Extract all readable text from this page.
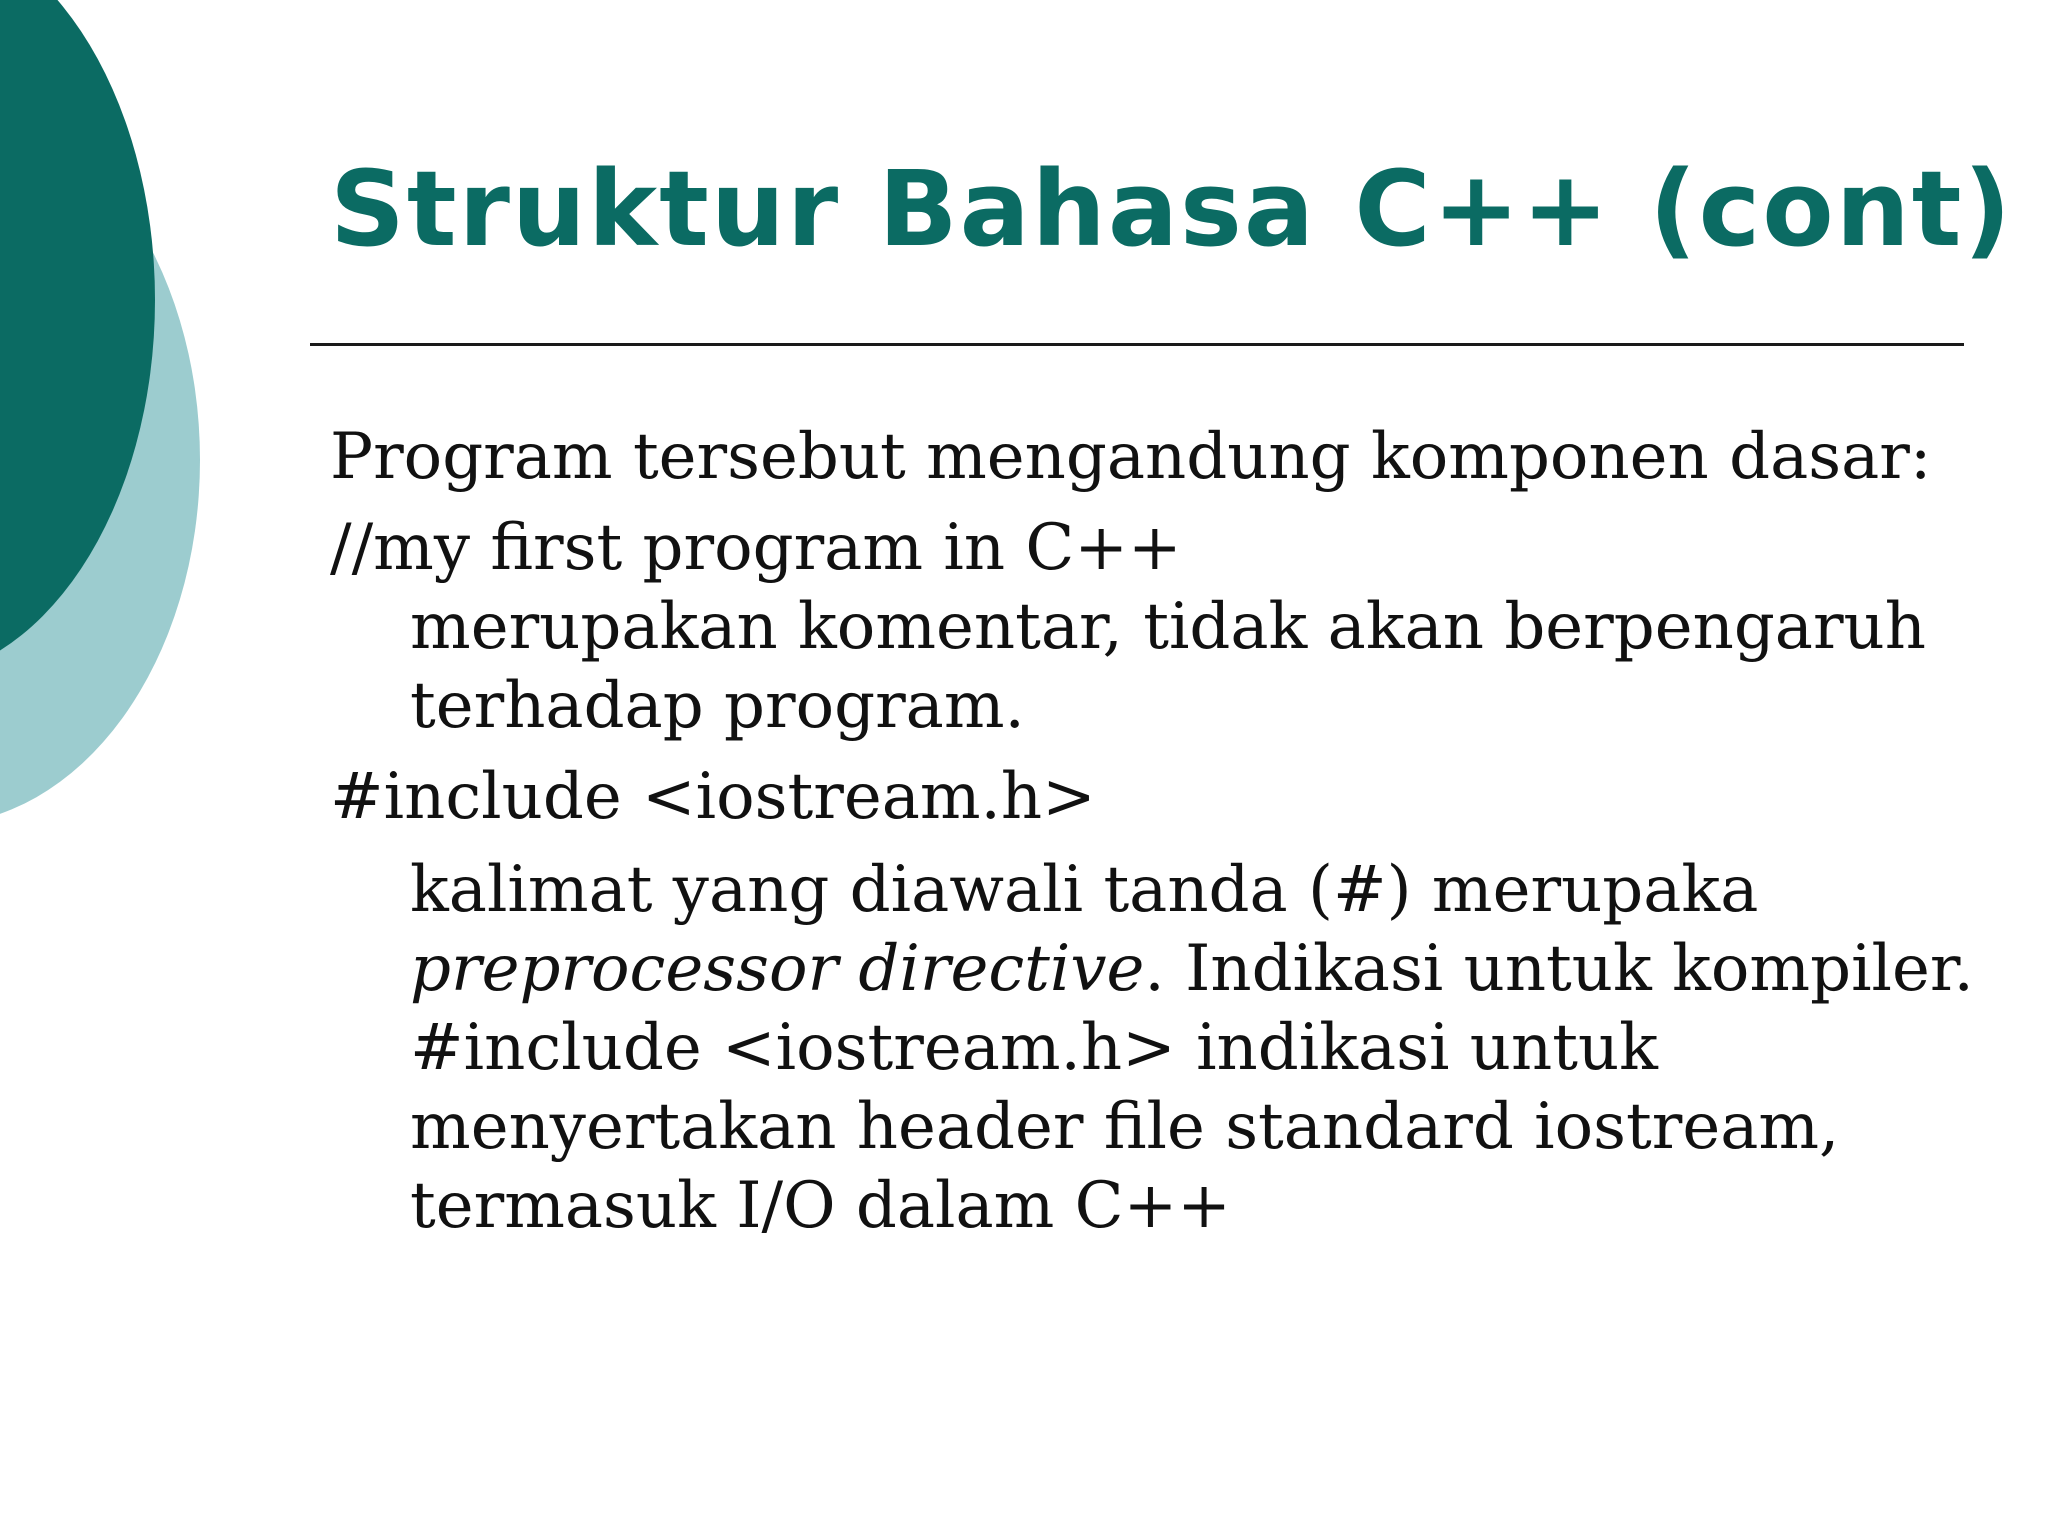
Struktur Bahasa C++ (cont)

Program tersebut mengandung komponen dasar:

//my first program in C++

merupakan komentar, tidak akan berpengaruh

terhadap program.

#include <iostream.h>

kalimat yang diawali tanda (#) merupaka

preprocessor directive. Indikasi untuk kompiler.

#include <iostream.h> indikasi untuk

menyertakan header file standard iostream,

termasuk I/O dalam C++
